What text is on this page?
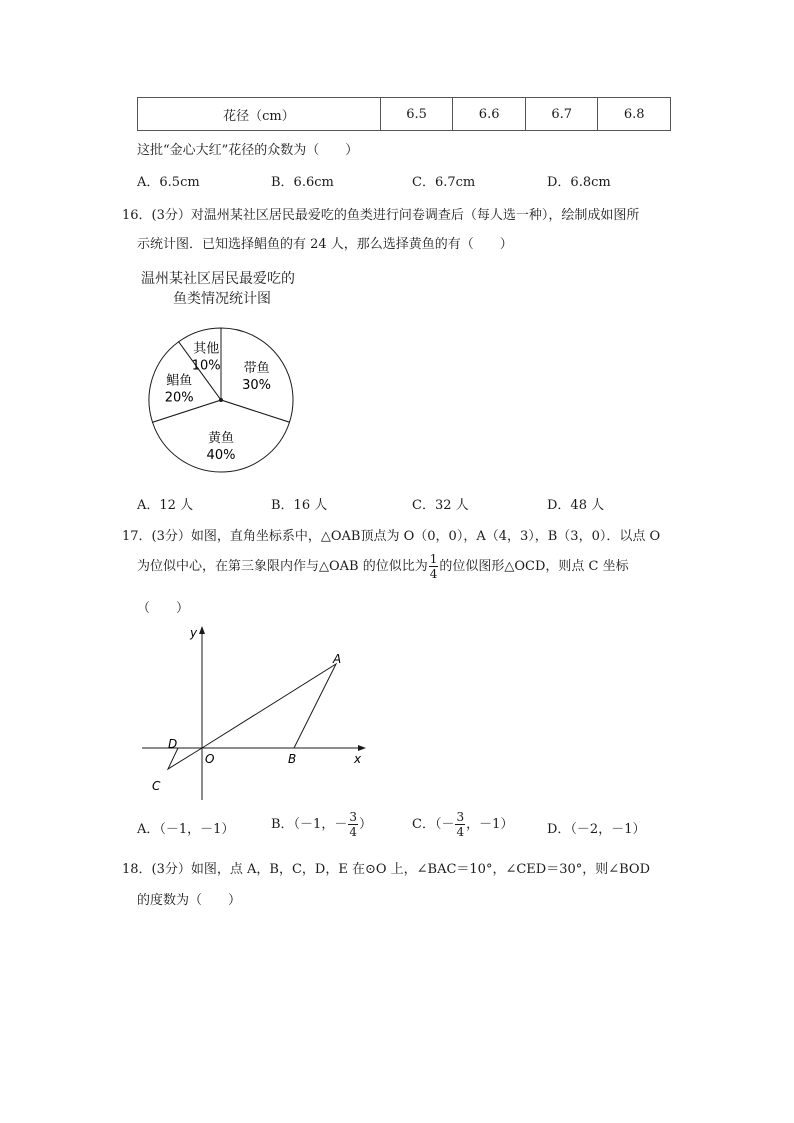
花径（cm）	6.5	6.6	6.7	6.8
这批“金心大红”花径的众数为（　　）
A．6.5cm	B．6.6cm	C．6.7cm	D．6.8cm
16．(3分）对温州某社区居民最爱吃的鱼类进行问卷调查后（每人选一种），绘制成如图所
示统计图．已知选择鲳鱼的有 24 人，那么选择黄鱼的有（　　）
温州某社区居民最爱吃的
鱼类情况统计图
带鱼
30%
黄鱼
40%
鲳鱼
20%
其他
10%
A．12 人	B．16 人	C．32 人	D．48 人
17．(3分）如图，直角坐标系中，△OAB顶点为 O（0，0），A（4，3），B（3，0）．以点 O
为位似中心，在第三象限内作与△OAB 的位似比为 $\frac{1}{4}$ 的位似图形△OCD，则点 C 坐标
（　　）
y
x
A
B
O
C
D
A．（－1，－1）	B．（－1，－ $\frac{3}{4}$ ）	C．（－ $\frac{3}{4}$ ，－1）	D．（－2，－1）
18．(3分）如图，点 A，B，C，D，E 在⊙O 上，∠BAC＝10°，∠CED＝30°，则∠BOD
的度数为（　　）
